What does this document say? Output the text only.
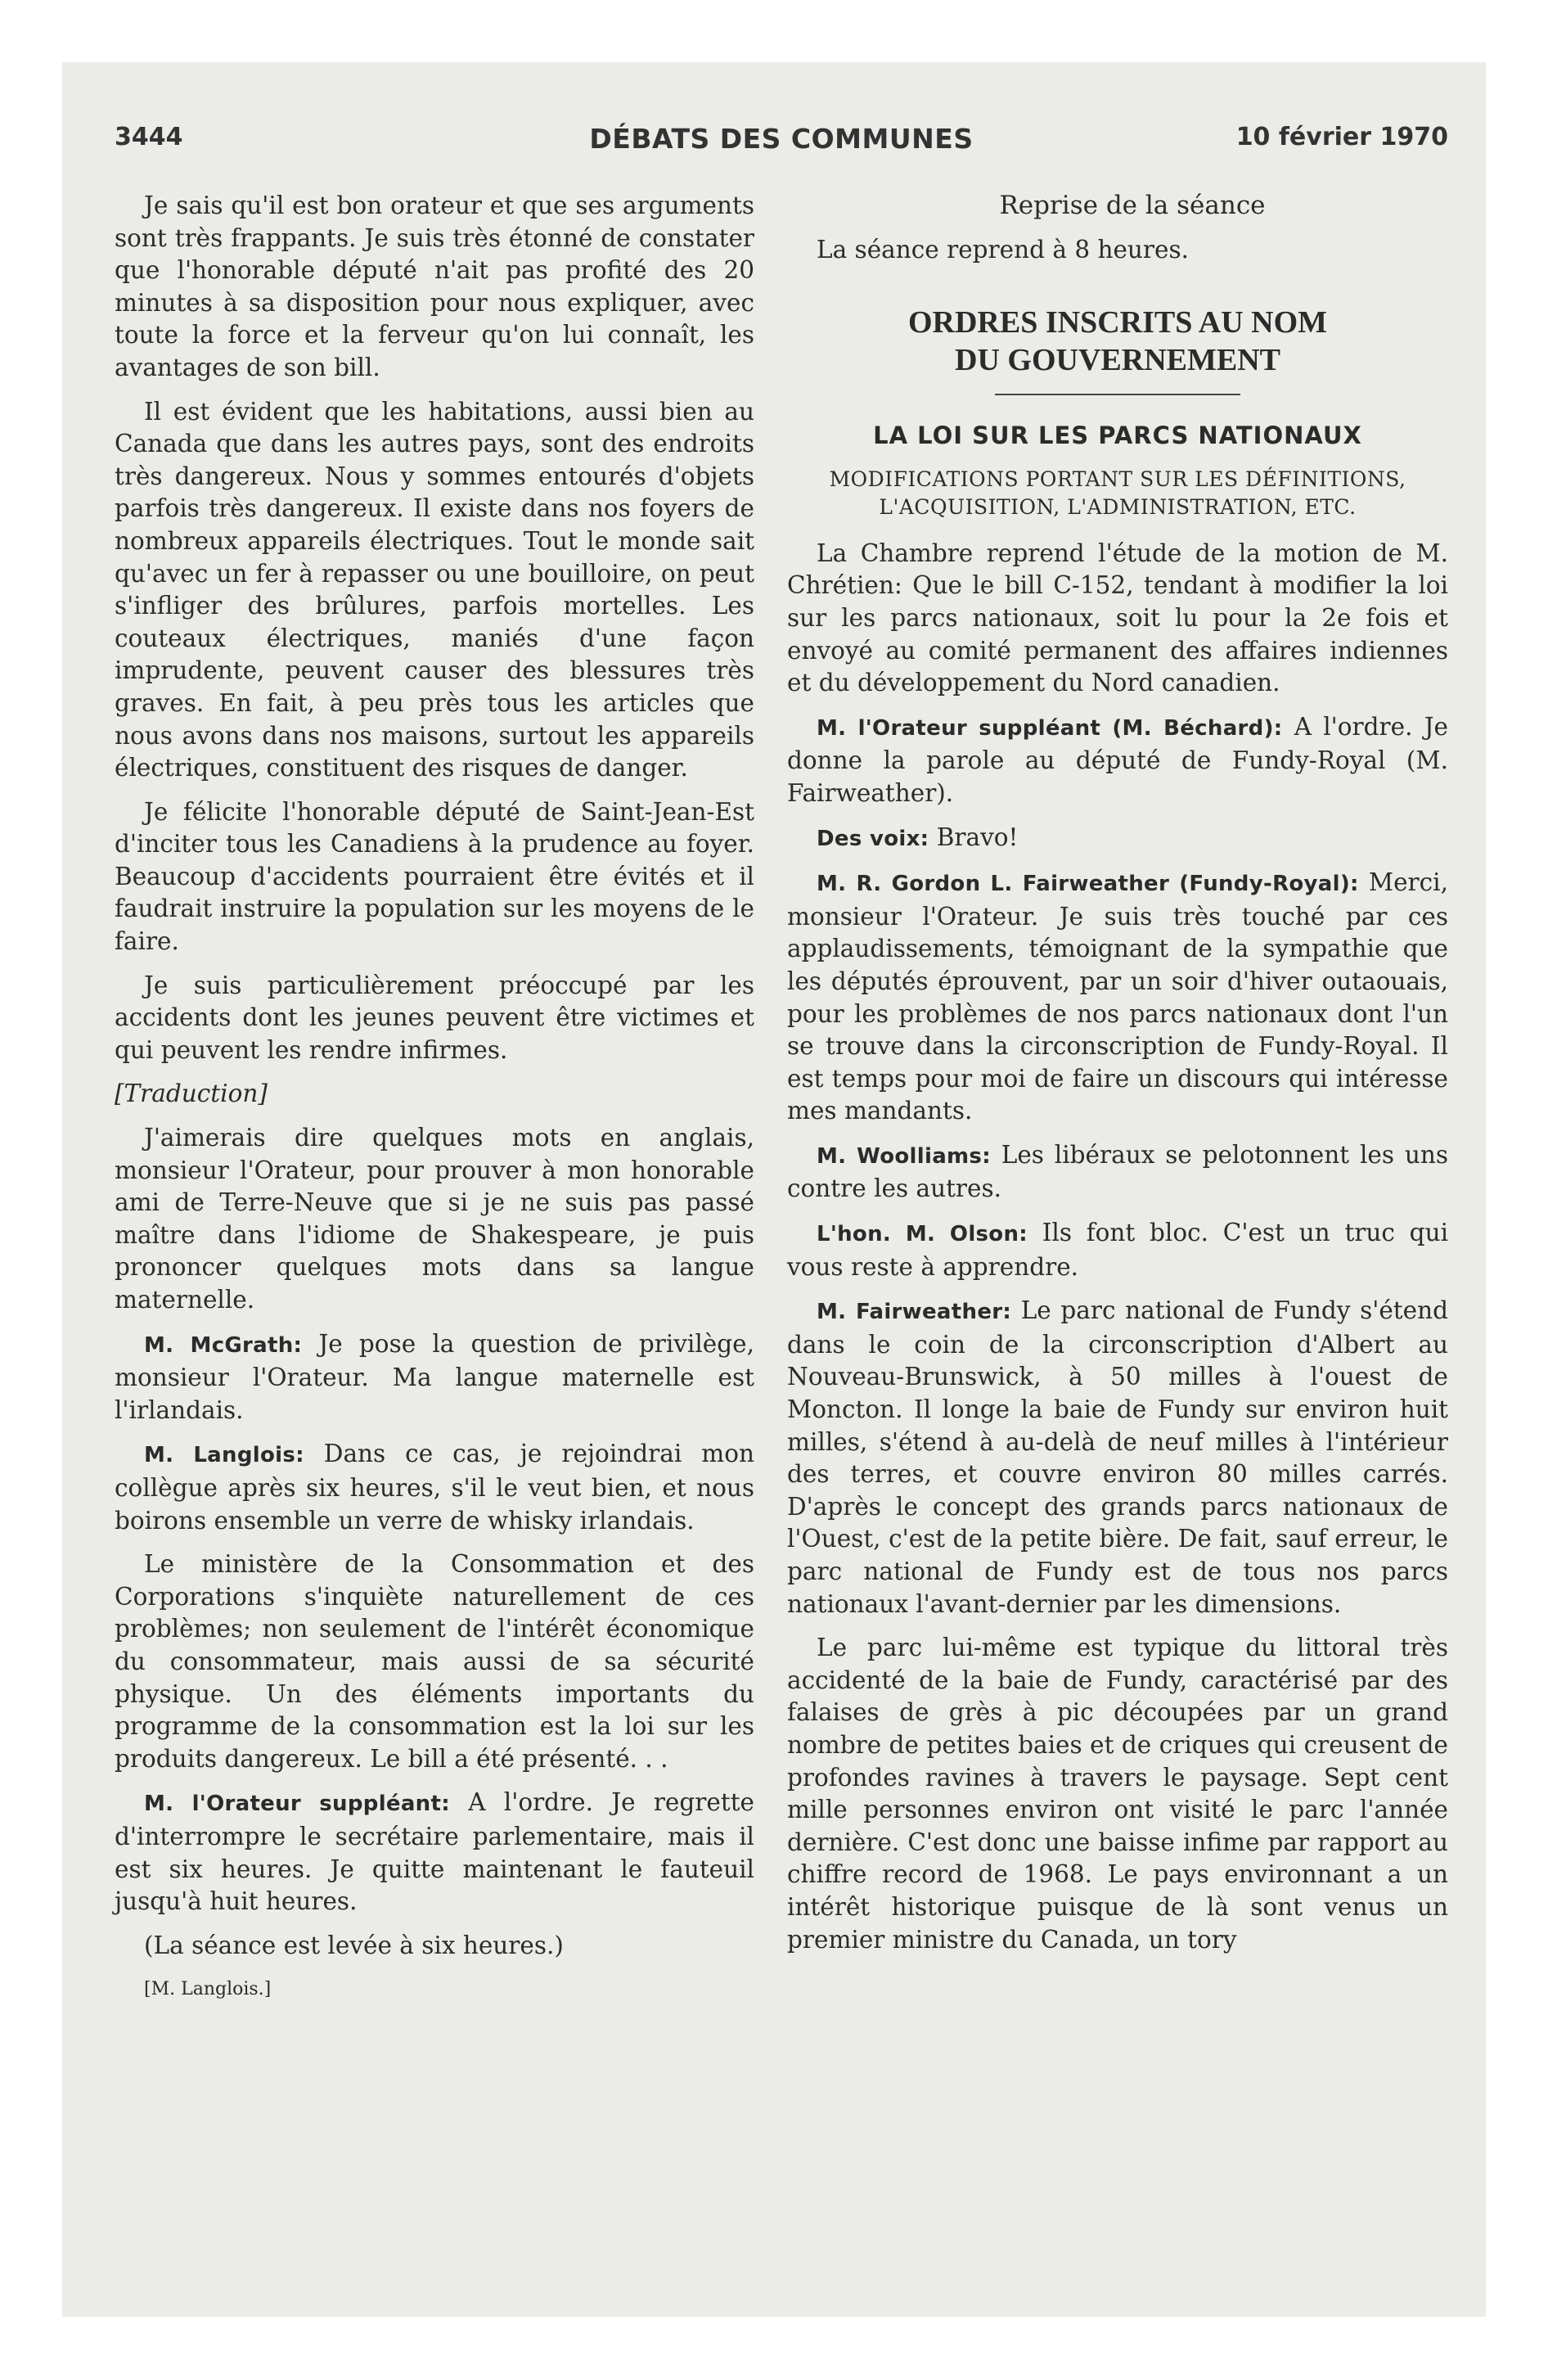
3444	DÉBATS DES COMMUNES	10 février 1970

Je sais qu'il est bon orateur et que ses arguments sont très frappants. Je suis très étonné de constater que l'honorable député n'ait pas profité des 20 minutes à sa disposition pour nous expliquer, avec toute la force et la ferveur qu'on lui connaît, les avantages de son bill.

Il est évident que les habitations, aussi bien au Canada que dans les autres pays, sont des endroits très dangereux. Nous y sommes entourés d'objets parfois très dangereux. Il existe dans nos foyers de nombreux appareils électriques. Tout le monde sait qu'avec un fer à repasser ou une bouilloire, on peut s'infliger des brûlures, parfois mortelles. Les couteaux électriques, maniés d'une façon imprudente, peuvent causer des blessures très graves. En fait, à peu près tous les articles que nous avons dans nos maisons, surtout les appareils électriques, constituent des risques de danger.

Je félicite l'honorable député de Saint-Jean-Est d'inciter tous les Canadiens à la prudence au foyer. Beaucoup d'accidents pourraient être évités et il faudrait instruire la population sur les moyens de le faire.

Je suis particulièrement préoccupé par les accidents dont les jeunes peuvent être victimes et qui peuvent les rendre infirmes.

[Traduction]

J'aimerais dire quelques mots en anglais, monsieur l'Orateur, pour prouver à mon honorable ami de Terre-Neuve que si je ne suis pas passé maître dans l'idiome de Shakespeare, je puis prononcer quelques mots dans sa langue maternelle.

M. McGrath: Je pose la question de privilège, monsieur l'Orateur. Ma langue maternelle est l'irlandais.

M. Langlois: Dans ce cas, je rejoindrai mon collègue après six heures, s'il le veut bien, et nous boirons ensemble un verre de whisky irlandais.

Le ministère de la Consommation et des Corporations s'inquiète naturellement de ces problèmes; non seulement de l'intérêt économique du consommateur, mais aussi de sa sécurité physique. Un des éléments importants du programme de la consommation est la loi sur les produits dangereux. Le bill a été présenté. . .

M. l'Orateur suppléant: A l'ordre. Je regrette d'interrompre le secrétaire parlementaire, mais il est six heures. Je quitte maintenant le fauteuil jusqu'à huit heures.

(La séance est levée à six heures.)

[M. Langlois.]

Reprise de la séance

La séance reprend à 8 heures.

ORDRES INSCRITS AU NOM
DU GOUVERNEMENT
LA LOI SUR LES PARCS NATIONAUX
MODIFICATIONS PORTANT SUR LES DÉFINITIONS, L'ACQUISITION, L'ADMINISTRATION, ETC.

La Chambre reprend l'étude de la motion de M. Chrétien: Que le bill C-152, tendant à modifier la loi sur les parcs nationaux, soit lu pour la 2e fois et envoyé au comité permanent des affaires indiennes et du développement du Nord canadien.

M. l'Orateur suppléant (M. Béchard): A l'ordre. Je donne la parole au député de Fundy-Royal (M. Fairweather).

Des voix: Bravo!

M. R. Gordon L. Fairweather (Fundy-Royal): Merci, monsieur l'Orateur. Je suis très touché par ces applaudissements, témoignant de la sympathie que les députés éprouvent, par un soir d'hiver outaouais, pour les problèmes de nos parcs nationaux dont l'un se trouve dans la circonscription de Fundy-Royal. Il est temps pour moi de faire un discours qui intéresse mes mandants.

M. Woolliams: Les libéraux se pelotonnent les uns contre les autres.

L'hon. M. Olson: Ils font bloc. C'est un truc qui vous reste à apprendre.

M. Fairweather: Le parc national de Fundy s'étend dans le coin de la circonscription d'Albert au Nouveau-Brunswick, à 50 milles à l'ouest de Moncton. Il longe la baie de Fundy sur environ huit milles, s'étend à au-delà de neuf milles à l'intérieur des terres, et couvre environ 80 milles carrés. D'après le concept des grands parcs nationaux de l'Ouest, c'est de la petite bière. De fait, sauf erreur, le parc national de Fundy est de tous nos parcs nationaux l'avant-dernier par les dimensions.

Le parc lui-même est typique du littoral très accidenté de la baie de Fundy, caractérisé par des falaises de grès à pic découpées par un grand nombre de petites baies et de criques qui creusent de profondes ravines à travers le paysage. Sept cent mille personnes environ ont visité le parc l'année dernière. C'est donc une baisse infime par rapport au chiffre record de 1968. Le pays environnant a un intérêt historique puisque de là sont venus un premier ministre du Canada, un tory
